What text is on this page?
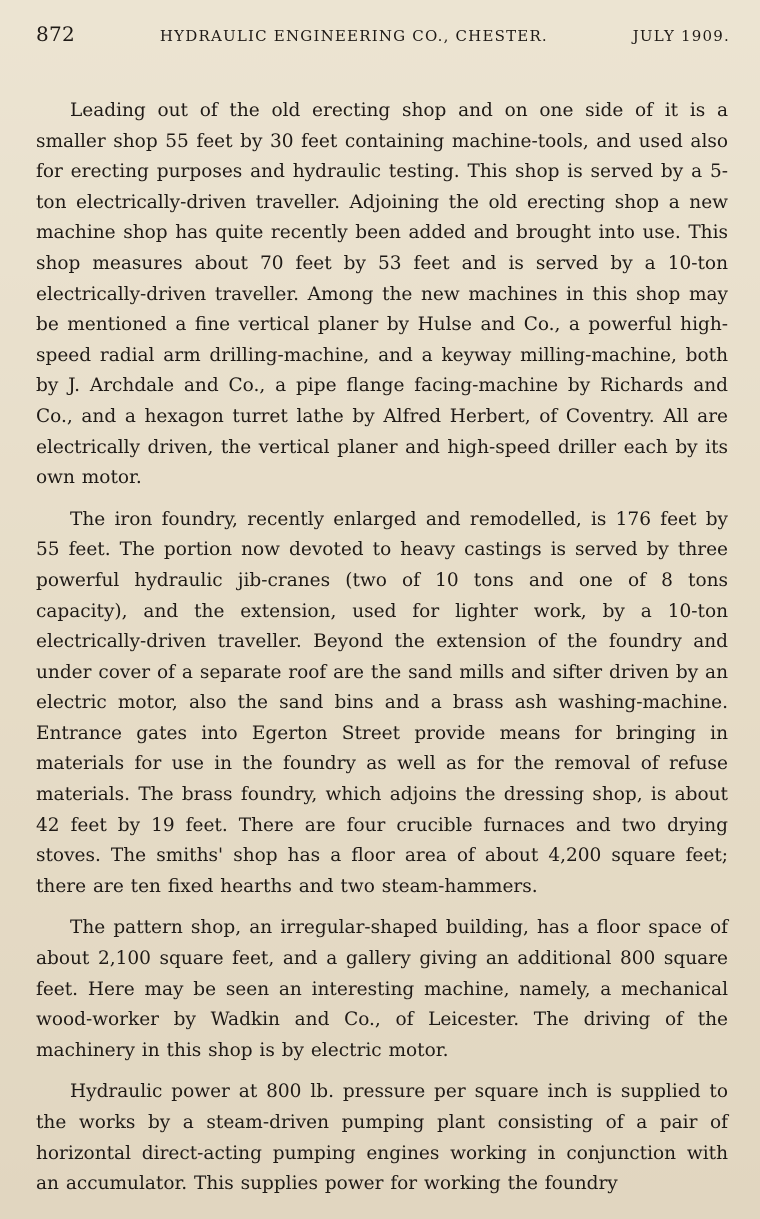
872	HYDRAULIC ENGINEERING CO., CHESTER.	JULY 1909.

Leading out of the old erecting shop and on one side of it is a smaller shop 55 feet by 30 feet containing machine-tools, and used also for erecting purposes and hydraulic testing. This shop is served by a 5-ton electrically-driven traveller. Adjoining the old erecting shop a new machine shop has quite recently been added and brought into use. This shop measures about 70 feet by 53 feet and is served by a 10-ton electrically-driven traveller. Among the new machines in this shop may be mentioned a fine vertical planer by Hulse and Co., a powerful high-speed radial arm drilling-machine, and a keyway milling-machine, both by J. Archdale and Co., a pipe flange facing-machine by Richards and Co., and a hexagon turret lathe by Alfred Herbert, of Coventry. All are electrically driven, the vertical planer and high-speed driller each by its own motor.

The iron foundry, recently enlarged and remodelled, is 176 feet by 55 feet. The portion now devoted to heavy castings is served by three powerful hydraulic jib-cranes (two of 10 tons and one of 8 tons capacity), and the extension, used for lighter work, by a 10-ton electrically-driven traveller. Beyond the extension of the foundry and under cover of a separate roof are the sand mills and sifter driven by an electric motor, also the sand bins and a brass ash washing-machine. Entrance gates into Egerton Street provide means for bringing in materials for use in the foundry as well as for the removal of refuse materials. The brass foundry, which adjoins the dressing shop, is about 42 feet by 19 feet. There are four crucible furnaces and two drying stoves. The smiths' shop has a floor area of about 4,200 square feet; there are ten fixed hearths and two steam-hammers.

The pattern shop, an irregular-shaped building, has a floor space of about 2,100 square feet, and a gallery giving an additional 800 square feet. Here may be seen an interesting machine, namely, a mechanical wood-worker by Wadkin and Co., of Leicester. The driving of the machinery in this shop is by electric motor.

Hydraulic power at 800 lb. pressure per square inch is supplied to the works by a steam-driven pumping plant consisting of a pair of horizontal direct-acting pumping engines working in conjunction with an accumulator. This supplies power for working the foundry
